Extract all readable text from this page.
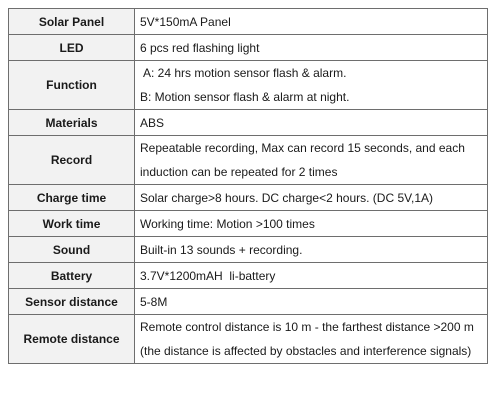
Solar Panel	5V*150mA Panel

LED	6 pcs red flashing light

Function	A: 24 hrs motion sensor flash & alarm.
B: Motion sensor flash & alarm at night.

Materials	ABS

Record	Repeatable recording, Max can record 15 seconds, and each
induction can be repeated for 2 times

Charge time	Solar charge>8 hours. DC charge<2 hours. (DC 5V,1A)

Work time	Working time: Motion >100 times

Sound	Built-in 13 sounds + recording.

Battery	3.7V*1200mAH  li-battery

Sensor distance	5-8M

Remote distance	Remote control distance is 10 m - the farthest distance >200 m
(the distance is affected by obstacles and interference signals)
